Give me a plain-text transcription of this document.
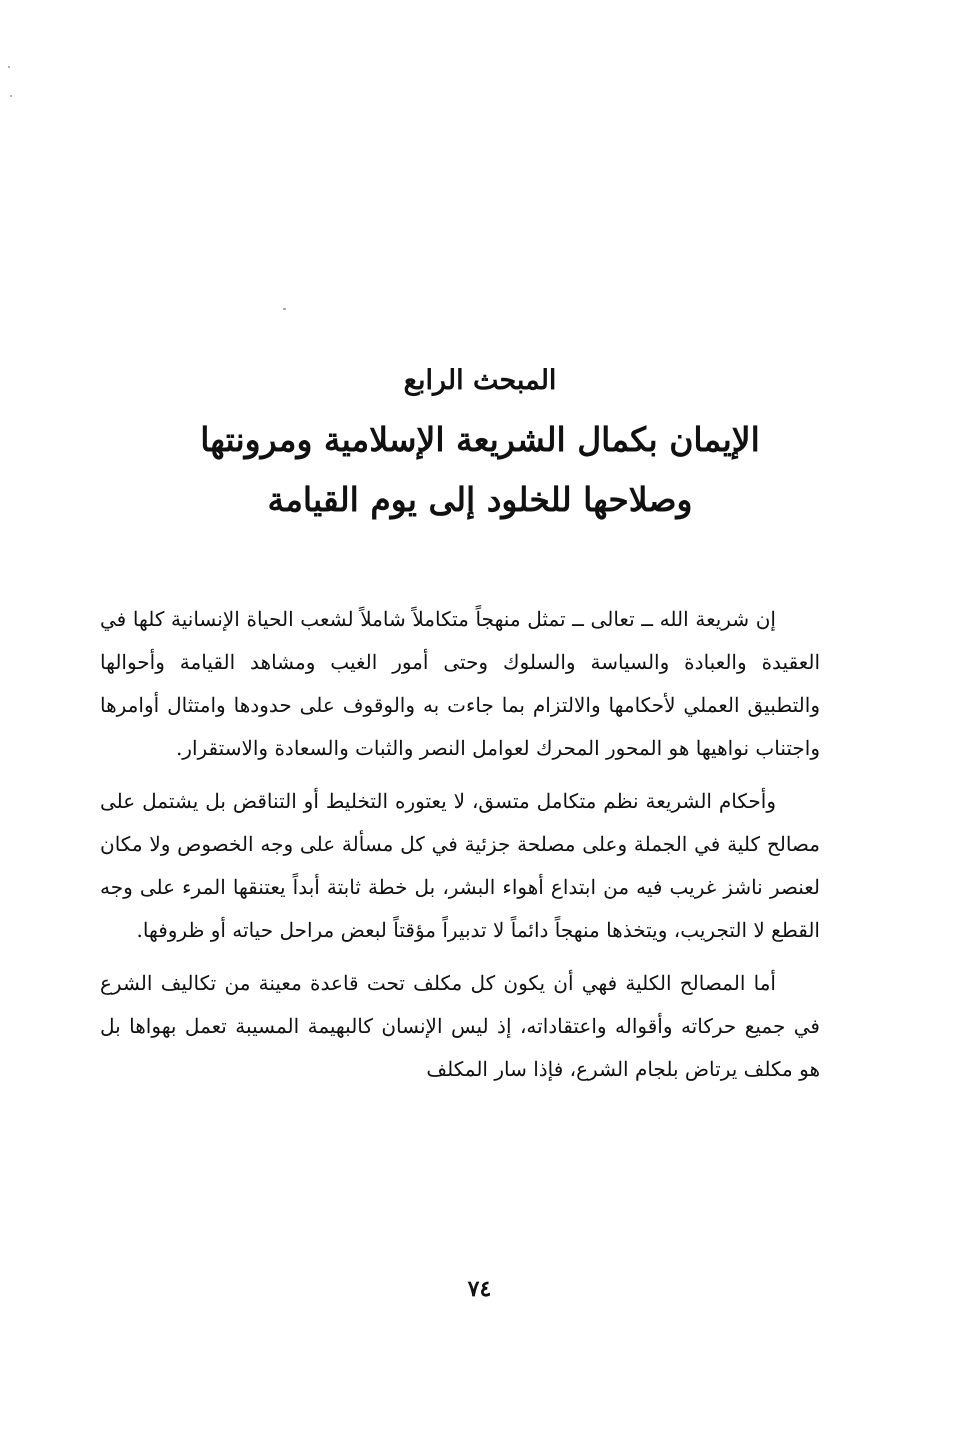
المبحث الرابع
الإيمان بكمال الشريعة الإسلامية ومرونتها
وصلاحها للخلود إلى يوم القيامة

إن شريعة الله ــ تعالى ــ تمثل منهجاً متكاملاً شاملاً لشعب الحياة الإنسانية كلها في العقيدة والعبادة والسياسة والسلوك وحتى أمور الغيب ومشاهد القيامة وأحوالها والتطبيق العملي لأحكامها والالتزام بما جاءت به والوقوف على حدودها وامتثال أوامرها واجتناب نواهيها هو المحور المحرك لعوامل النصر والثبات والسعادة والاستقرار.

وأحكام الشريعة نظم متكامل متسق، لا يعتوره التخليط أو التناقض بل يشتمل على مصالح كلية في الجملة وعلى مصلحة جزئية في كل مسألة على وجه الخصوص ولا مكان لعنصر ناشز غريب فيه من ابتداع أهواء البشر، بل خطة ثابتة أبداً يعتنقها المرء على وجه القطع لا التجريب، ويتخذها منهجاً دائماً لا تدبيراً مؤقتاً لبعض مراحل حياته أو ظروفها.

أما المصالح الكلية فهي أن يكون كل مكلف تحت قاعدة معينة من تكاليف الشرع في جميع حركاته وأقواله واعتقاداته، إذ ليس الإنسان كالبهيمة المسيبة تعمل بهواها بل هو مكلف يرتاض بلجام الشرع، فإذا سار المكلف

٧٤
